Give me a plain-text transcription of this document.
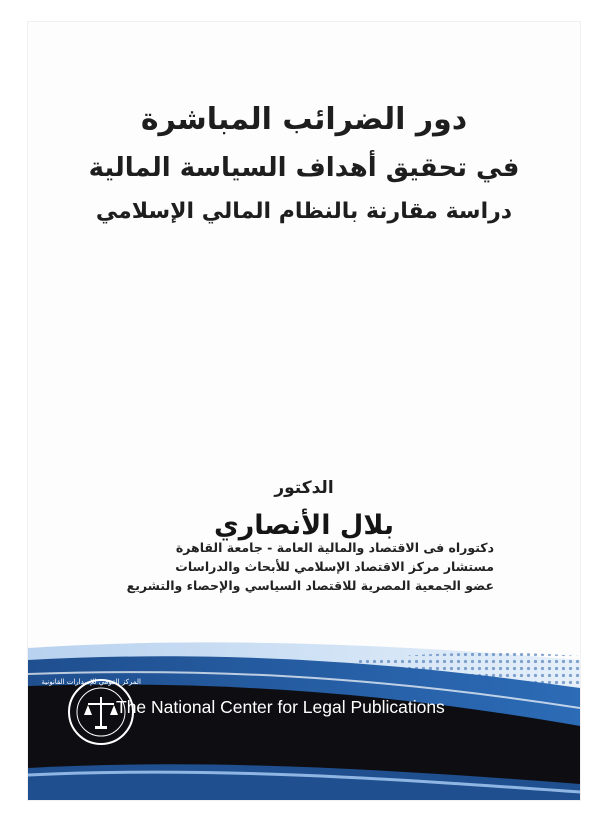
دور الضرائب المباشرة
في تحقيق أهداف السياسة المالية
دراسة مقارنة بالنظام المالي الإسلامي
الدكتور
بلال الأنصاري
المركز القومي للإصدارات القانونية
The National Center for Legal Publications
دكتوراه فى الاقتصاد والمالية العامة - جامعة القاهرة
مستشار مركز الاقتصاد الإسلامي للأبحاث والدراسات
عضو الجمعية المصرية للاقتصاد السياسي والإحصاء والتشريع
